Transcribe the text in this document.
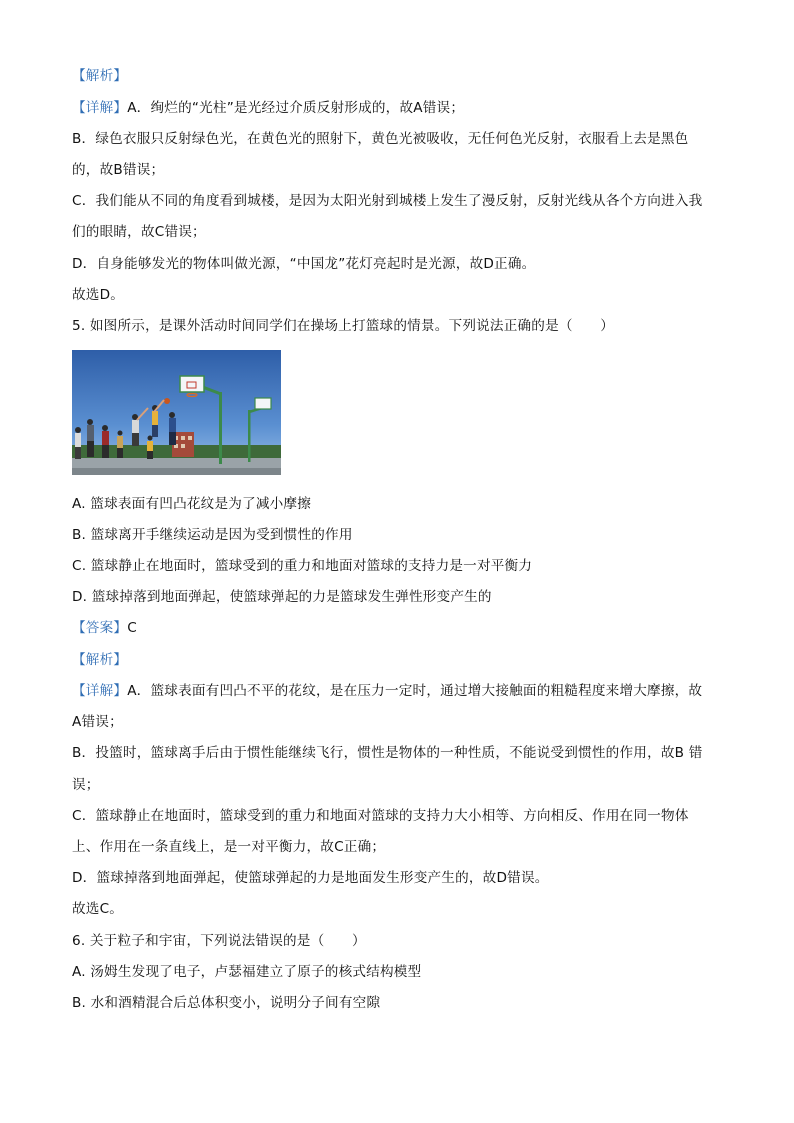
【解析】
【详解】A．绚烂的“光柱”是光经过介质反射形成的，故A错误；
B．绿色衣服只反射绿色光，在黄色光的照射下，黄色光被吸收，无任何色光反射，衣服看上去是黑色
的，故B错误；
C．我们能从不同的角度看到城楼，是因为太阳光射到城楼上发生了漫反射，反射光线从各个方向进入我
们的眼睛，故C错误；
D．自身能够发光的物体叫做光源，“中国龙”花灯亮起时是光源，故D正确。
故选D。
5. 如图所示，是课外活动时间同学们在操场上打篮球的情景。下列说法正确的是（　　）
A. 篮球表面有凹凸花纹是为了减小摩擦
B. 篮球离开手继续运动是因为受到惯性的作用
C. 篮球静止在地面时，篮球受到的重力和地面对篮球的支持力是一对平衡力
D. 篮球掉落到地面弹起，使篮球弹起的力是篮球发生弹性形变产生的
【答案】C
【解析】
【详解】A．篮球表面有凹凸不平的花纹，是在压力一定时，通过增大接触面的粗糙程度来增大摩擦，故
A错误；
B．投篮时，篮球离手后由于惯性能继续飞行，惯性是物体的一种性质，不能说受到惯性的作用，故B 错
误；
C．篮球静止在地面时，篮球受到的重力和地面对篮球的支持力大小相等、方向相反、作用在同一物体
上、作用在一条直线上，是一对平衡力，故C正确；
D．篮球掉落到地面弹起，使篮球弹起的力是地面发生形变产生的，故D错误。
故选C。
6. 关于粒子和宇宙，下列说法错误的是（　　）
A. 汤姆生发现了电子，卢瑟福建立了原子的核式结构模型
B. 水和酒精混合后总体积变小，说明分子间有空隙
